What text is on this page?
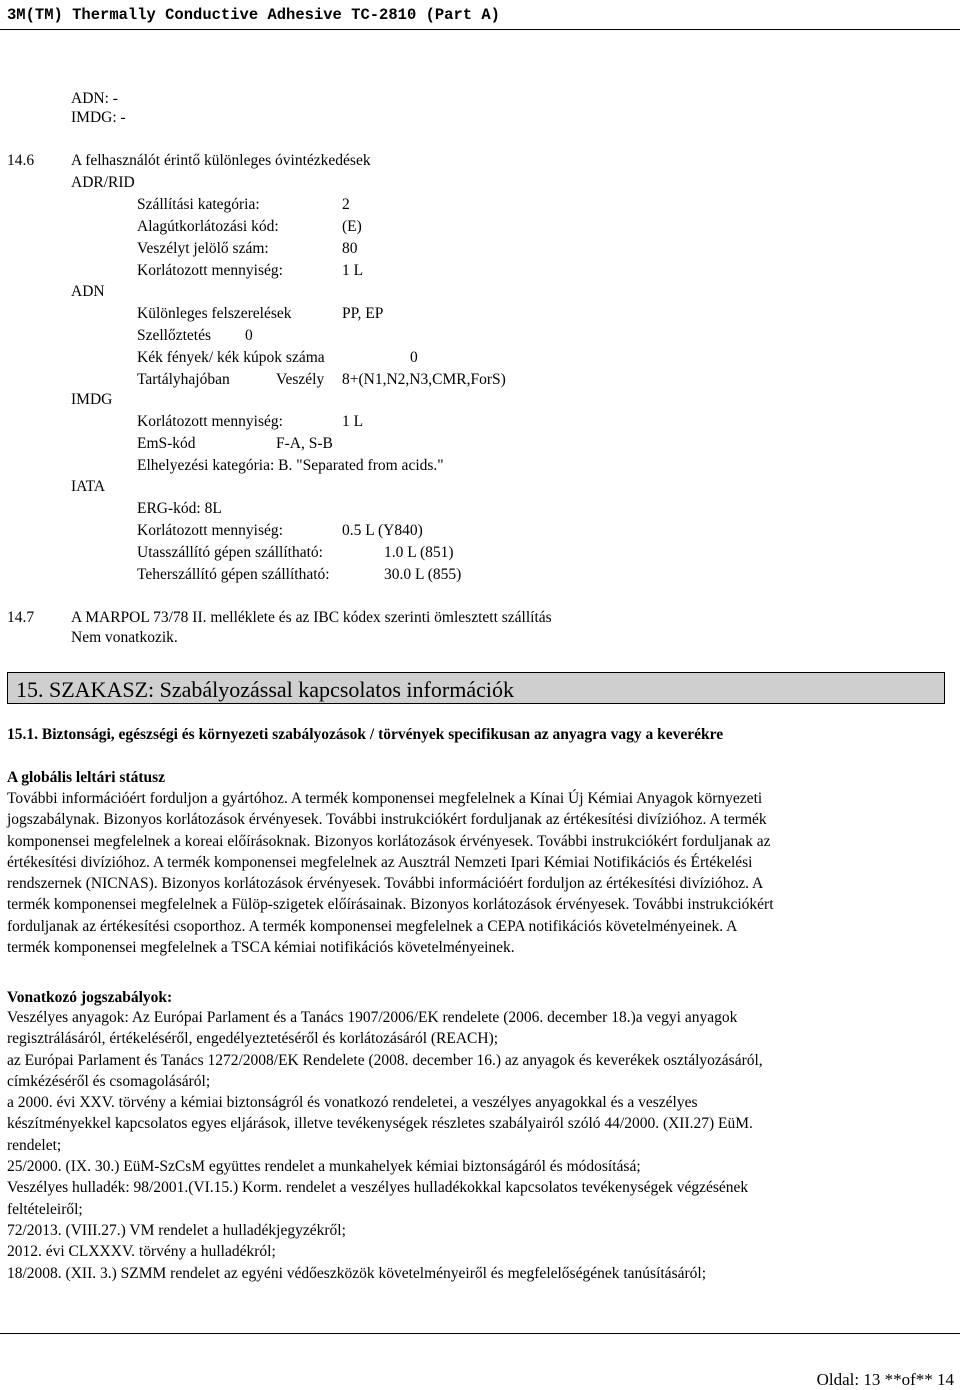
3M(TM) Thermally Conductive Adhesive TC-2810 (Part A)
ADN: -
IMDG: -
14.6 A felhasználót érintő különleges óvintézkedések
ADR/RID
Szállítási kategória:	2
Alagútkorlátozási kód:	(E)
Veszélyt jelölő szám:	80
Korlátozott mennyiség:	1 L
ADN
Különleges felszerelések	PP, EP
Szellőztetés 0
Kék fények/ kék kúpok száma	0
Tartályhajóban	Veszély 8+(N1,N2,N3,CMR,ForS)
IMDG
Korlátozott mennyiség:	1 L
EmS-kód	F-A, S-B
Elhelyezési kategória: B. "Separated from acids."
IATA
ERG-kód: 8L
Korlátozott mennyiség:	0.5 L (Y840)
Utasszállító gépen szállítható:	1.0 L (851)
Teherszállító gépen szállítható:	30.0 L (855)
14.7 A MARPOL 73/78 II. melléklete és az IBC kódex szerinti ömlesztett szállítás
Nem vonatkozik.
15. SZAKASZ: Szabályozással kapcsolatos információk
15.1. Biztonsági, egészségi és környezeti szabályozások / törvények specifikusan az anyagra vagy a keverékre
A globális leltári státusz
További információért forduljon a gyártóhoz. A termék komponensei megfelelnek a Kínai Új Kémiai Anyagok környezeti
jogszabálynak. Bizonyos korlátozások érvényesek. További instrukciókért forduljanak az értékesítési divízióhoz. A termék
komponensei megfelelnek a koreai előírásoknak. Bizonyos korlátozások érvényesek. További instrukciókért forduljanak az
értékesítési divízióhoz. A termék komponensei megfelelnek az Ausztrál Nemzeti Ipari Kémiai Notifikációs és Értékelési
rendszernek (NICNAS). Bizonyos korlátozások érvényesek. További információért forduljon az értékesítési divízióhoz. A
termék komponensei megfelelnek a Fülöp-szigetek előírásainak. Bizonyos korlátozások érvényesek. További instrukciókért
forduljanak az értékesítési csoporthoz. A termék komponensei megfelelnek a CEPA notifikációs követelményeinek. A
termék komponensei megfelelnek a TSCA kémiai notifikációs követelményeinek.
Vonatkozó jogszabályok:
Veszélyes anyagok: Az Európai Parlament és a Tanács 1907/2006/EK rendelete (2006. december 18.)a vegyi anyagok
regisztrálásáról, értékeléséről, engedélyeztetéséről és korlátozásáról (REACH);
az Európai Parlament és Tanács 1272/2008/EK Rendelete (2008. december 16.) az anyagok és keverékek osztályozásáról,
címkézéséről és csomagolásáról;
a 2000. évi XXV. törvény a kémiai biztonságról és vonatkozó rendeletei, a veszélyes anyagokkal és a veszélyes
készítményekkel kapcsolatos egyes eljárások, illetve tevékenységek részletes szabályairól szóló 44/2000. (XII.27) EüM.
rendelet;
25/2000. (IX. 30.) EüM-SzCsM együttes rendelet a munkahelyek kémiai biztonságáról és módosításá;
Veszélyes hulladék: 98/2001.(VI.15.) Korm. rendelet a veszélyes hulladékokkal kapcsolatos tevékenységek végzésének
feltételeiről;
72/2013. (VIII.27.) VM rendelet a hulladékjegyzékről;
2012. évi CLXXXV. törvény a hulladékról;
18/2008. (XII. 3.) SZMM rendelet az egyéni védőeszközök követelményeiről és megfelelőségének tanúsításáról;
Oldal: 13 **of** 14
